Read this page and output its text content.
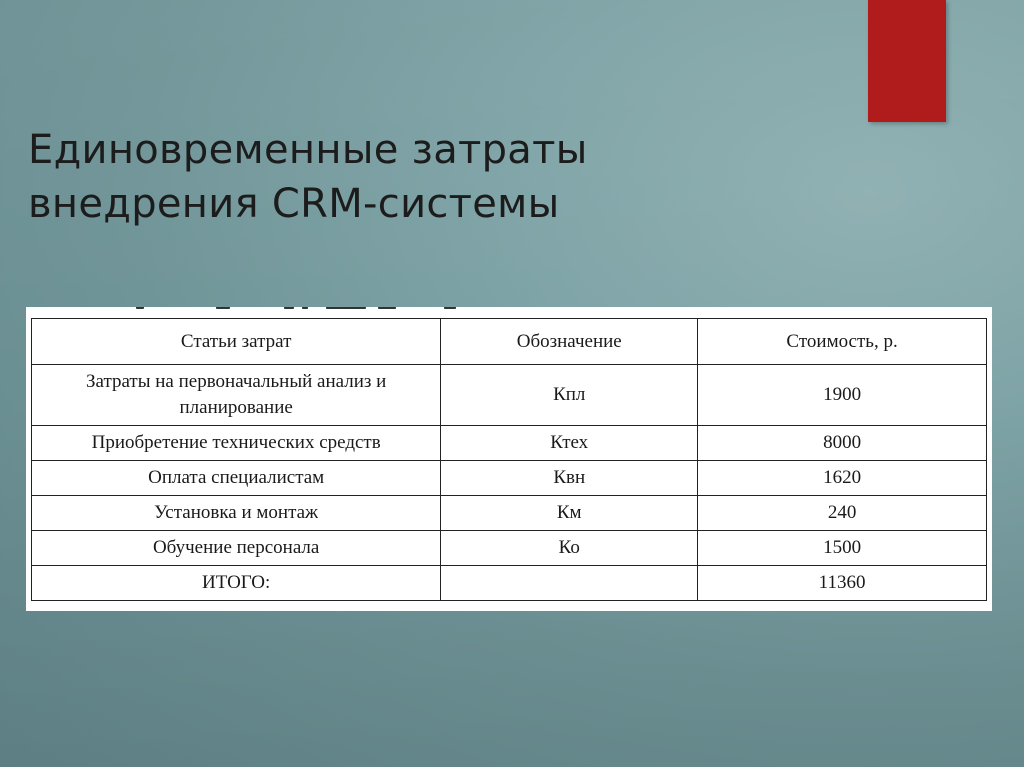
Единовременные затраты
внедрения CRM-системы
Статьи затрат	Обозначение	Стоимость, р.
Затраты на первоначальный анализ и планирование	Кпл	1900
Приобретение технических средств	Ктех	8000
Оплата специалистам	Квн	1620
Установка и монтаж	Км	240
Обучение персонала	Ко	1500
ИТОГО:		11360
